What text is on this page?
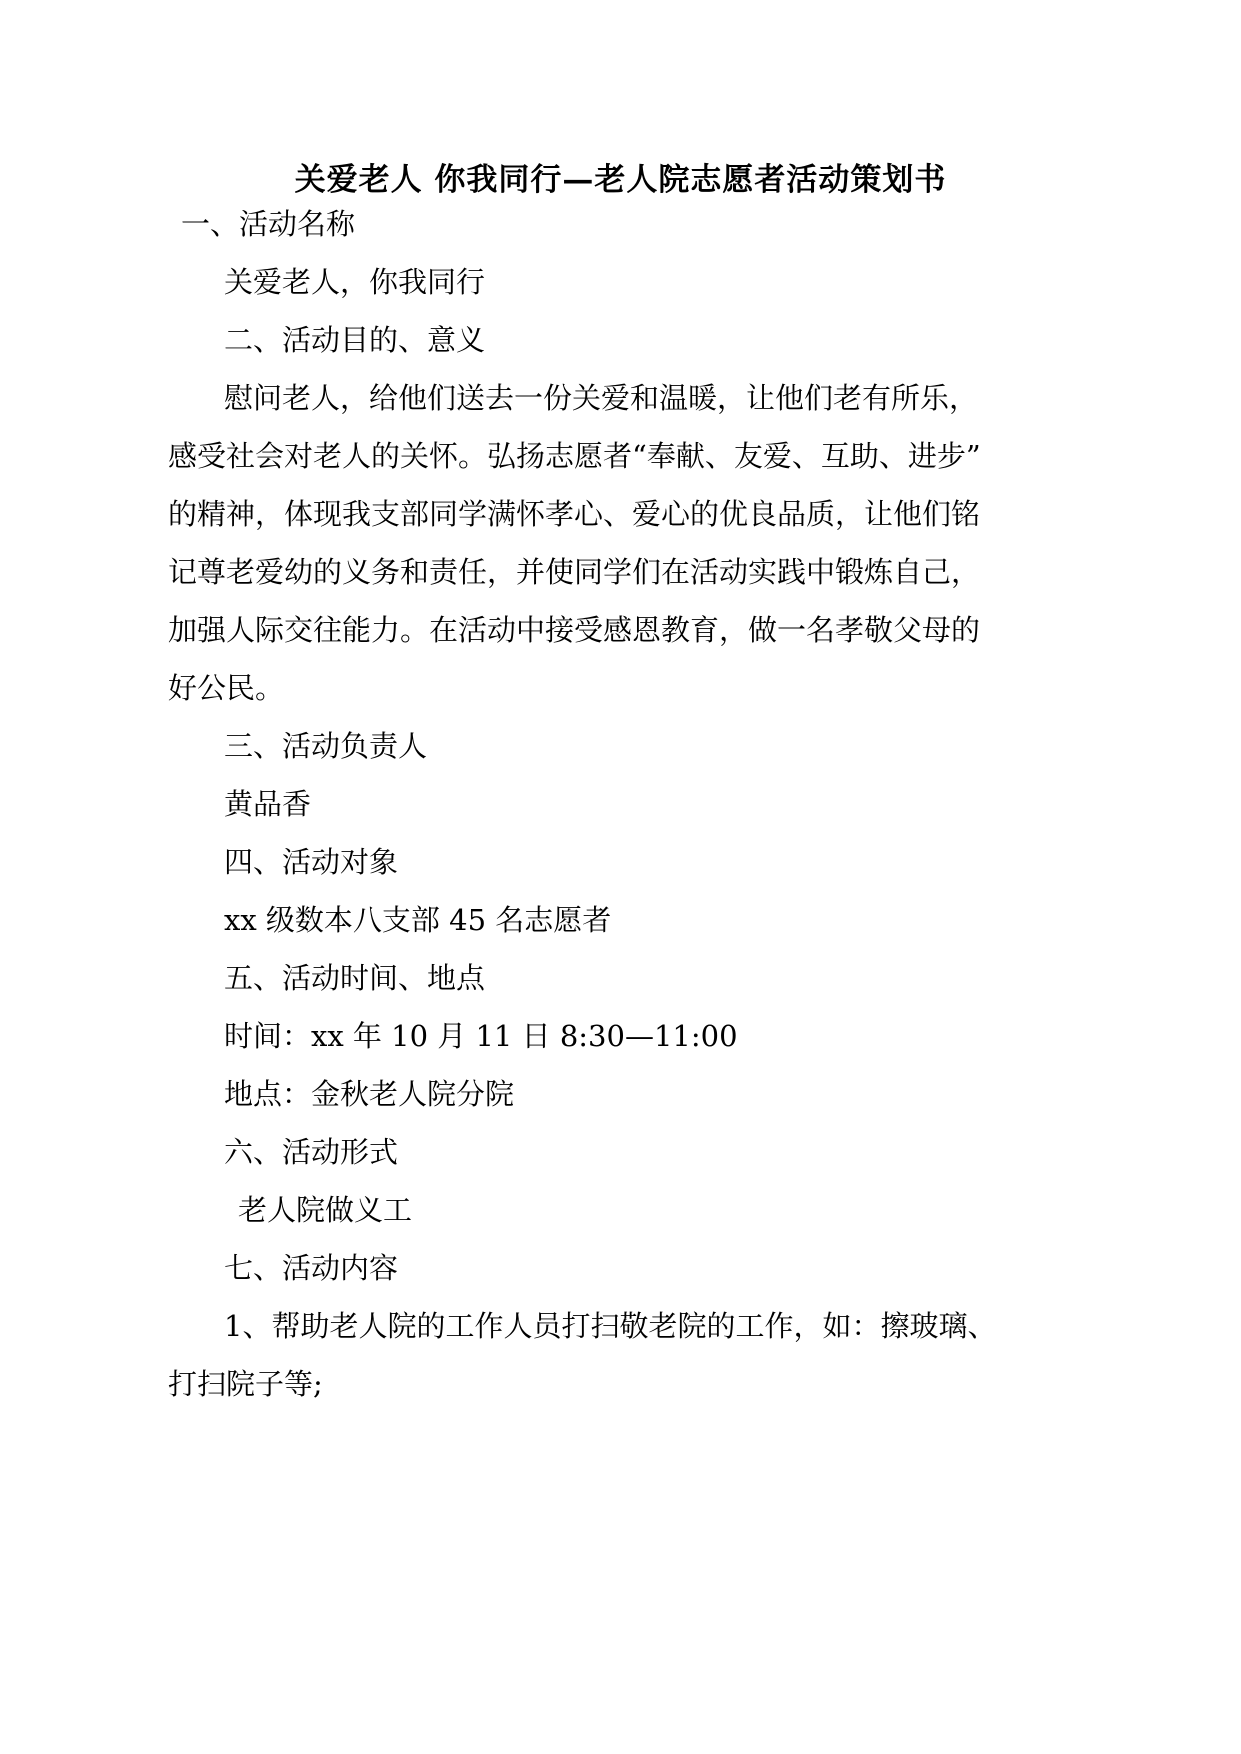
关爱老人 你我同行—老人院志愿者活动策划书
一、活动名称
关爱老人，你我同行
二、活动目的、意义
慰问老人，给他们送去一份关爱和温暖，让他们老有所乐，
感受社会对老人的关怀。弘扬志愿者“奉献、友爱、互助、进步”
的精神，体现我支部同学满怀孝心、爱心的优良品质，让他们铭
记尊老爱幼的义务和责任，并使同学们在活动实践中锻炼自己，
加强人际交往能力。在活动中接受感恩教育，做一名孝敬父母的
好公民。
三、活动负责人
黄品香
四、活动对象
xx 级数本八支部 45 名志愿者
五、活动时间、地点
时间：xx 年 10 月 11 日 8:30—11:00
地点：金秋老人院分院
六、活动形式
老人院做义工
七、活动内容
1、帮助老人院的工作人员打扫敬老院的工作，如：擦玻璃、
打扫院子等;
